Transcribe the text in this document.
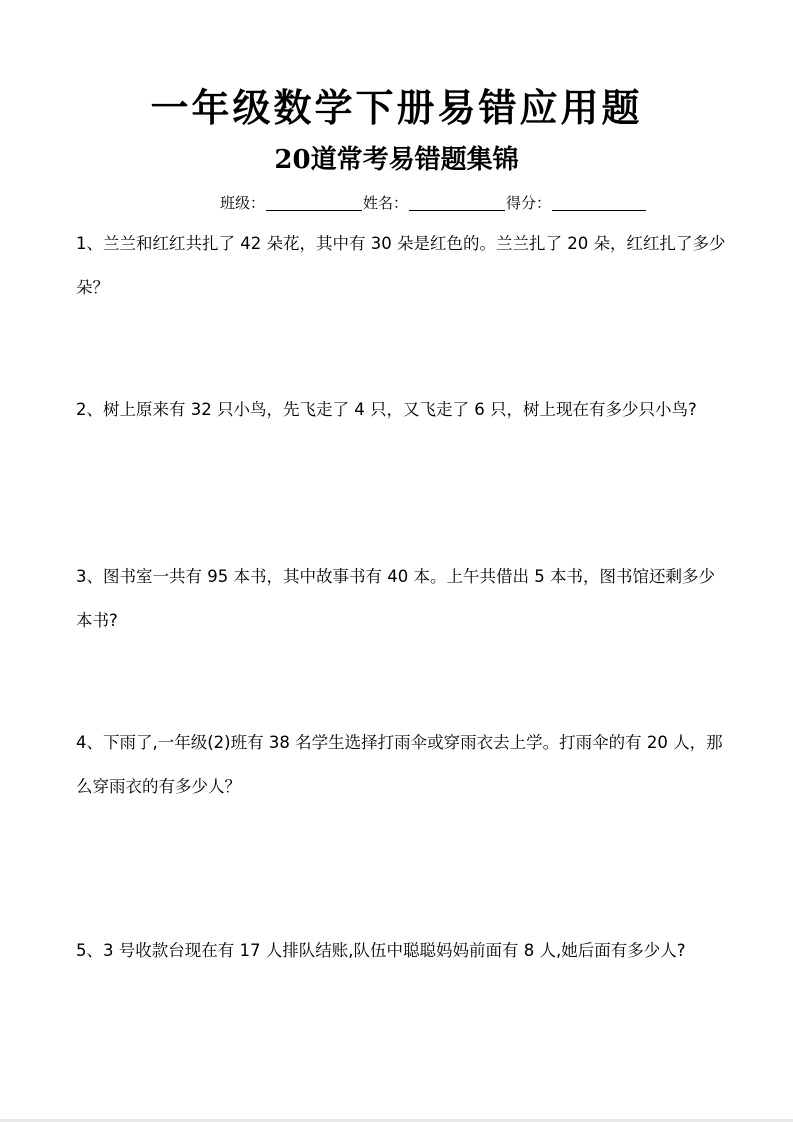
一年级数学下册易错应用题
20道常考易错题集锦
班级：	姓名：	得分：

1、兰兰和红红共扎了 42 朵花，其中有 30 朵是红色的。兰兰扎了 20 朵，红红扎了多少朵？

2、树上原来有 32 只小鸟，先飞走了 4 只，又飞走了 6 只，树上现在有多少只小鸟?

3、图书室一共有 95 本书，其中故事书有 40 本。上午共借出 5 本书，图书馆还剩多少本书?

4、下雨了,一年级(2)班有 38 名学生选择打雨伞或穿雨衣去上学。打雨伞的有 20 人，那么穿雨衣的有多少人？

5、3 号收款台现在有 17 人排队结账,队伍中聪聪妈妈前面有 8 人,她后面有多少人?
